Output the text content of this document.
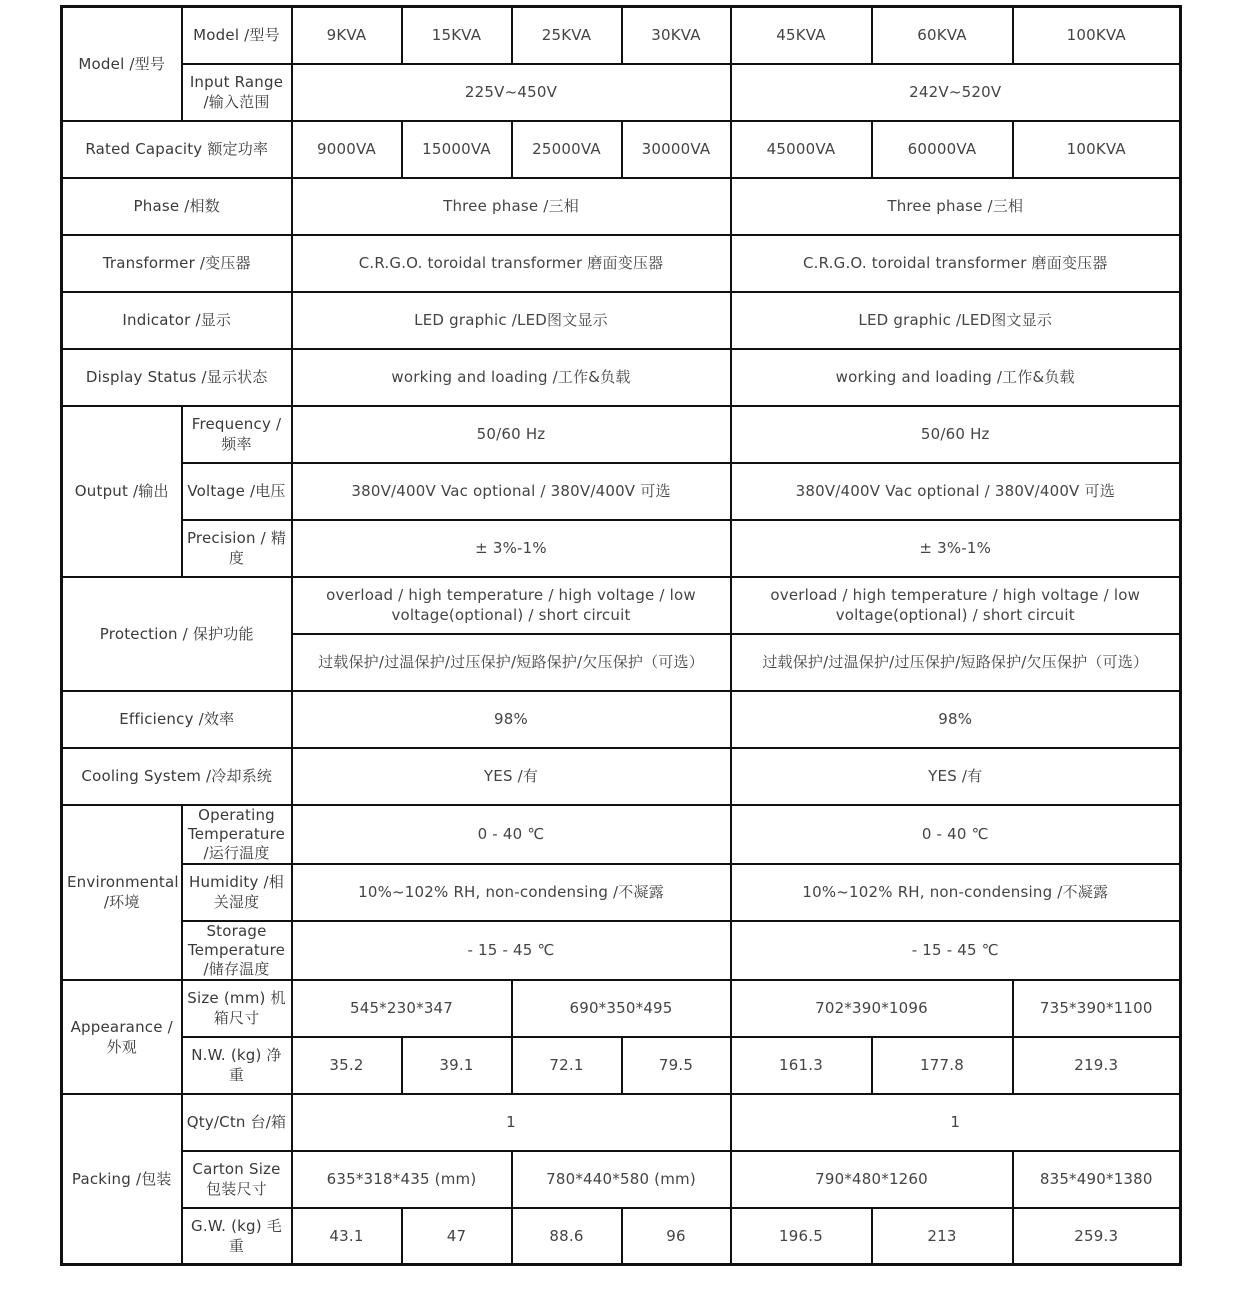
Model /型号	Model /型号	9KVA	15KVA	25KVA	30KVA	45KVA	60KVA	100KVA
	Input Range /输入范围	225V~450V				242V~520V		
Rated Capacity 额定功率		9000VA	15000VA	25000VA	30000VA	45000VA	60000VA	100KVA
Phase /相数		Three phase /三相				Three phase /三相		
Transformer /变压器		C.R.G.O. toroidal transformer 磨面变压器				C.R.G.O. toroidal transformer 磨面变压器		
Indicator /显示		LED graphic /LED图文显示				LED graphic /LED图文显示		
Display Status /显示状态		working and loading /工作&负载				working and loading /工作&负载		
Output /输出	Frequency /频率	50/60 Hz				50/60 Hz		
	Voltage /电压	380V/400V Vac optional / 380V/400V 可选				380V/400V Vac optional / 380V/400V 可选		
	Precision / 精度	± 3%-1%				± 3%-1%		
Protection / 保护功能		overload / high temperature / high voltage / low voltage(optional) / short circuit				overload / high temperature / high voltage / low voltage(optional) / short circuit		
		过载保护/过温保护/过压保护/短路保护/欠压保护（可选）				过载保护/过温保护/过压保护/短路保护/欠压保护（可选）		
Efficiency /效率		98%				98%		
Cooling System /冷却系统		YES /有				YES /有		
Environmental /环境	Operating Temperature /运行温度	0 - 40 ℃				0 - 40 ℃		
	Humidity /相关湿度	10%~102% RH, non-condensing /不凝露				10%~102% RH, non-condensing /不凝露		
	Storage Temperature /储存温度	- 15 - 45 ℃				- 15 - 45 ℃		
Appearance /外观	Size (mm) 机箱尺寸	545*230*347		690*350*495		702*390*1096		735*390*1100
	N.W. (kg) 净重	35.2	39.1	72.1	79.5	161.3	177.8	219.3
Packing /包装	Qty/Ctn 台/箱	1				1		
	Carton Size 包装尺寸	635*318*435 (mm)		780*440*580 (mm)		790*480*1260		835*490*1380
	G.W. (kg) 毛重	43.1	47	88.6	96	196.5	213	259.3
